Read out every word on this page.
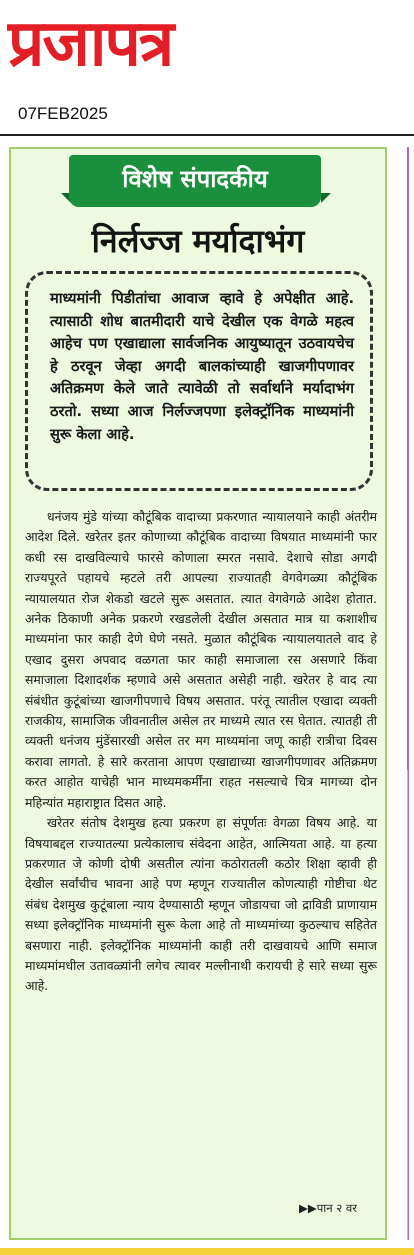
प्रजापत्र
07FEB2025
विशेष संपादकीय
निर्लज्ज मर्यादाभंग
माध्यमांनी पिडीतांचा आवाज व्हावे हे अपेक्षीत आहे. त्यासाठी शोध बातमीदारी याचे देखील एक वेगळे महत्व आहेच पण एखाद्याला सार्वजनिक आयुष्यातून उठवायचेच हे ठरवून जेव्हा अगदी बालकांच्याही खाजगीपणावर अतिक्रमण केले जाते त्यावेळी तो सर्वार्थाने मर्यादाभंग ठरतो. सध्या आज निर्लज्जपणा इलेक्ट्रॉनिक माध्यमांनी सुरू केला आहे.

धनंजय मुंडे यांच्या कौटूंबिक वादाच्या प्रकरणात न्यायालयाने काही अंतरीम आदेश दिले. खरेतर इतर कोणाच्या कौटूंबिक वादाच्या विषयात माध्यमांनी फार कधी रस दाखविल्याचे फारसे कोणाला स्मरत नसावे. देशाचे सोडा अगदी राज्यपूरते पहायचे म्हटले तरी आपल्या राज्यातही वेगवेगळ्या कौटूंबिक न्यायालयात रोज शेकडो खटले सुरू असतात. त्यात वेगवेगळे आदेश होतात. अनेक ठिकाणी अनेक प्रकरणे रखडलेली देखील असतात मात्र या कशाशीच माध्यमांना फार काही देणे घेणे नसते. मुळात कौटूंबिक न्यायालयातले वाद हे एखाद दुसरा अपवाद वळगता फार काही समाजाला रस असणारे किंवा समाजाला दिशादर्शक म्हणावे असे असतात असेही नाही. खरेतर हे वाद त्या संबंधीत कुटूंबांच्या खाजगीपणाचे विषय असतात. परंतू त्यातील एखादा व्यक्ती राजकीय, सामाजिक जीवनातील असेल तर माध्यमे त्यात रस घेतात. त्यातही ती व्यक्ती धनंजय मुंडेंसारखी असेल तर मग माध्यमांना जणू काही रात्रीचा दिवस करावा लागतो. हे सारे करताना आपण एखाद्याच्या खाजगीपणावर अतिक्रमण करत आहोत याचेही भान माध्यमकर्मींना राहत नसल्याचे चित्र मागच्या दोन महिन्यांत महाराष्ट्रात दिसत आहे.

खरेतर संतोष देशमुख हत्या प्रकरण हा संपूर्णतः वेगळा विषय आहे. या विषयाबद्दल राज्यातल्या प्रत्येकालाच संवेदना आहेत, आत्मियता आहे. या हत्या प्रकरणात जे कोणी दोषी असतील त्यांना कठोरातली कठोर शिक्षा व्हावी ही देखील सर्वांचीच भावना आहे पण म्हणून राज्यातील कोणत्याही गोष्टीचा थेट संबंध देशमुख कुटूंबाला न्याय देण्यासाठी म्हणून जोडायचा जो द्राविडी प्राणायाम सध्या इलेक्ट्रॉनिक माध्यमांनी सुरू केला आहे तो माध्यमांच्या कुठल्याच सहितेत बसणारा नाही. इलेक्ट्रॉनिक माध्यमांनी काही तरी दाखवायचे आणि समाज माध्यमांमधील उतावळ्यांनी लगेच त्यावर मल्लीनाथी करायची हे सारे सध्या सुरू आहे.

▶▶पान २ वर
